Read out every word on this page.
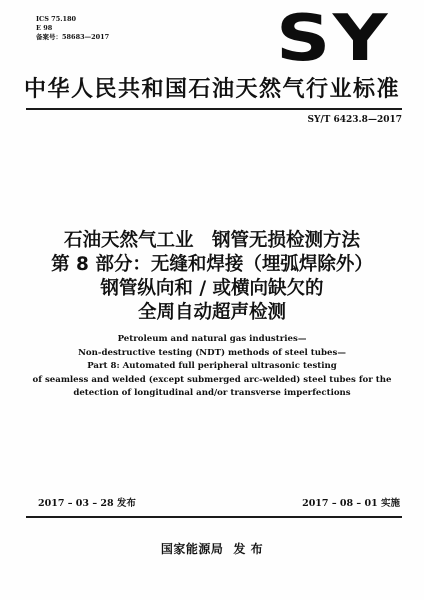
ICS 75.180
E 98
备案号：58683—2017	SY
中华人民共和国石油天然气行业标准
SY/T 6423.8—2017
石油天然气工业　钢管无损检测方法
第 8 部分：无缝和焊接（埋弧焊除外）
钢管纵向和 / 或横向缺欠的
全周自动超声检测
Petroleum and natural gas industries—
Non-destructive testing (NDT) methods of steel tubes—
Part 8: Automated full peripheral ultrasonic testing
of seamless and welded (except submerged arc-welded) steel tubes for the
detection of longitudinal and/or transverse imperfections
2017 – 03 – 28 发布	2017 – 08 – 01 实施
国家能源局 发 布
